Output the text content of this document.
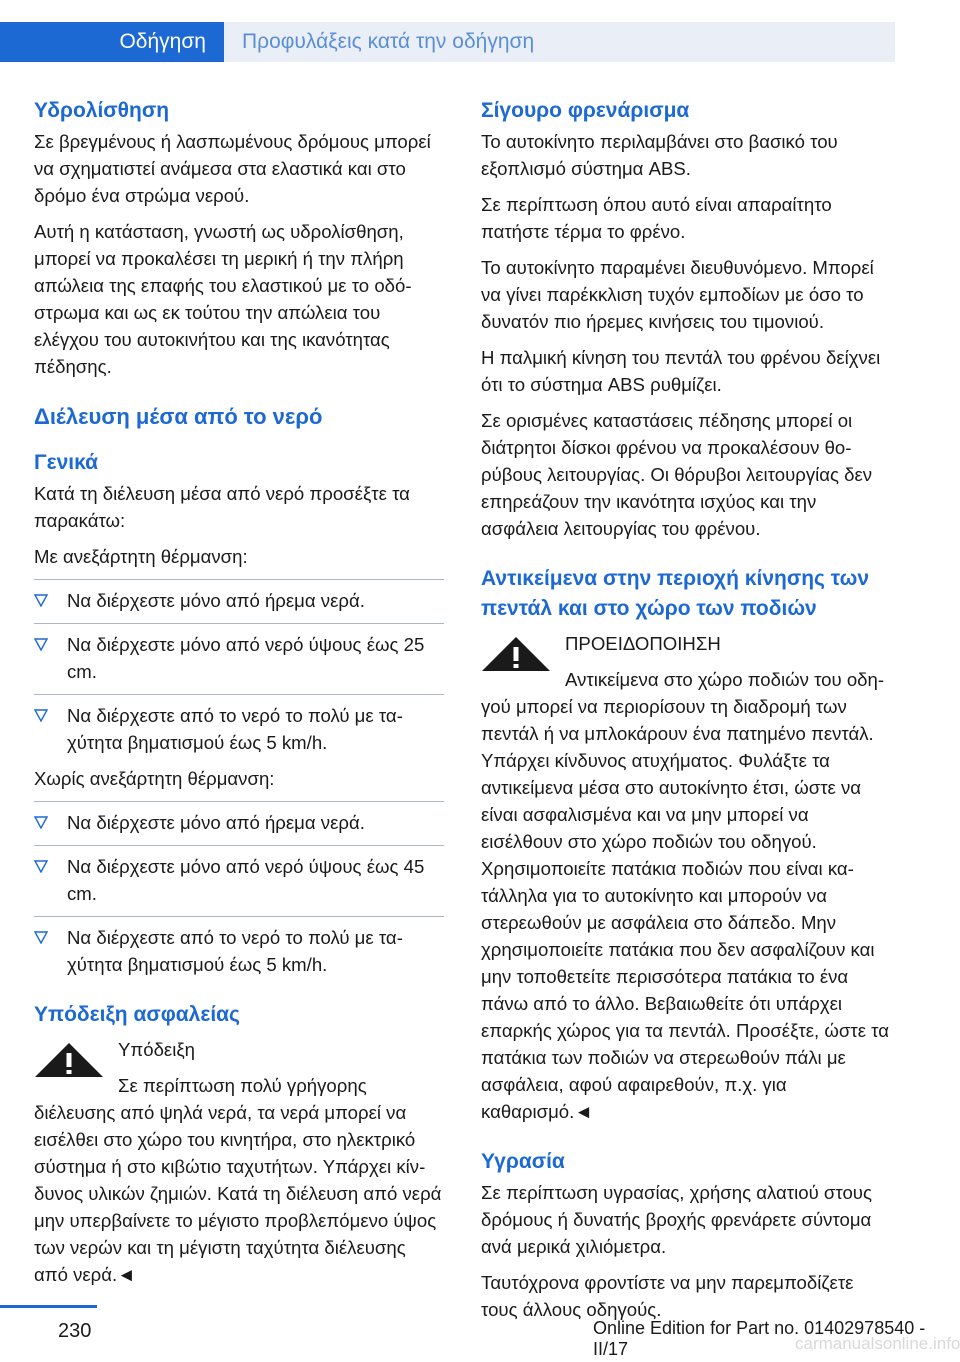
Οδήγηση	Προφυλάξεις κατά την οδήγηση
Υδρολίσθηση

Σε βρεγμένους ή λασπωμένους δρόμους μπορεί να σχηματιστεί ανάμεσα στα ελαστικά και στο δρόμο ένα στρώμα νερού.

Αυτή η κατάσταση, γνωστή ως υδρολίσθηση, μπορεί να προκαλέσει τη μερική ή την πλήρη απώλεια της επαφής του ελαστικού με το οδόστρωμα και ως εκ τούτου την απώλεια του ελέγχου του αυτοκινήτου και της ικανότητας πέδησης.

Διέλευση μέσα από το νερό
Γενικά

Κατά τη διέλευση μέσα από νερό προσέξτε τα παρακάτω:

Με ανεξάρτητη θέρμανση:

Να διέρχεστε μόνο από ήρεμα νερά.
Να διέρχεστε μόνο από νερό ύψους έως 25 cm.
Να διέρχεστε από το νερό το πολύ με ταχύτητα βηματισμού έως 5 km/h.

Χωρίς ανεξάρτητη θέρμανση:

Να διέρχεστε μόνο από ήρεμα νερά.
Να διέρχεστε μόνο από νερό ύψους έως 45 cm.
Να διέρχεστε από το νερό το πολύ με ταχύτητα βηματισμού έως 5 km/h.
Υπόδειξη ασφαλείας

Υπόδειξη

Σε περίπτωση πολύ γρήγορης διέλευσης από ψηλά νερά, τα νερά μπορεί να εισέλθει στο χώρο του κινητήρα, στο ηλεκτρικό σύστημα ή στο κιβώτιο ταχυτήτων. Υπάρχει κίνδυνος υλικών ζημιών. Κατά τη διέλευση από νερά μην υπερβαίνετε το μέγιστο προβλεπόμενο ύψος των νερών και τη μέγιστη ταχύτητα διέλευσης από νερά.◄

Σίγουρο φρενάρισμα

Το αυτοκίνητο περιλαμβάνει στο βασικό του εξοπλισμό σύστημα ABS.

Σε περίπτωση όπου αυτό είναι απαραίτητο πατήστε τέρμα το φρένο.

Το αυτοκίνητο παραμένει διευθυνόμενο. Μπορεί να γίνει παρέκκλιση τυχόν εμποδίων με όσο το δυνατόν πιο ήρεμες κινήσεις του τιμονιού.

Η παλμική κίνηση του πεντάλ του φρένου δείχνει ότι το σύστημα ABS ρυθμίζει.

Σε ορισμένες καταστάσεις πέδησης μπορεί οι διάτρητοι δίσκοι φρένου να προκαλέσουν θορύβους λειτουργίας. Οι θόρυβοι λειτουργίας δεν επηρεάζουν την ικανότητα ισχύος και την ασφάλεια λειτουργίας του φρένου.

Αντικείμενα στην περιοχή κίνησης των πεντάλ και στο χώρο των ποδιών

ΠΡΟΕΙΔΟΠΟΙΗΣΗ

Αντικείμενα στο χώρο ποδιών του οδηγού μπορεί να περιορίσουν τη διαδρομή των πεντάλ ή να μπλοκάρουν ένα πατημένο πεντάλ. Υπάρχει κίνδυνος ατυχήματος. Φυλάξτε τα αντικείμενα μέσα στο αυτοκίνητο έτσι, ώστε να είναι ασφαλισμένα και να μην μπορεί να εισέλθουν στο χώρο ποδιών του οδηγού. Χρησιμοποιείτε πατάκια ποδιών που είναι κατάλληλα για το αυτοκίνητο και μπορούν να στερεωθούν με ασφάλεια στο δάπεδο. Μην χρησιμοποιείτε πατάκια που δεν ασφαλίζουν και μην τοποθετείτε περισσότερα πατάκια το ένα πάνω από το άλλο. Βεβαιωθείτε ότι υπάρχει επαρκής χώρος για τα πεντάλ. Προσέξτε, ώστε τα πατάκια των ποδιών να στερεωθούν πάλι με ασφάλεια, αφού αφαιρεθούν, π.χ. για καθαρισμό.◄

Υγρασία

Σε περίπτωση υγρασίας, χρήσης αλατιού στους δρόμους ή δυνατής βροχής φρενάρετε σύντομα ανά μερικά χιλιόμετρα.

Ταυτόχρονα φροντίστε να μην παρεμποδίζετε τους άλλους οδηγούς.

230	Online Edition for Part no. 01402978540 - II/17	carmanualsonline.info
